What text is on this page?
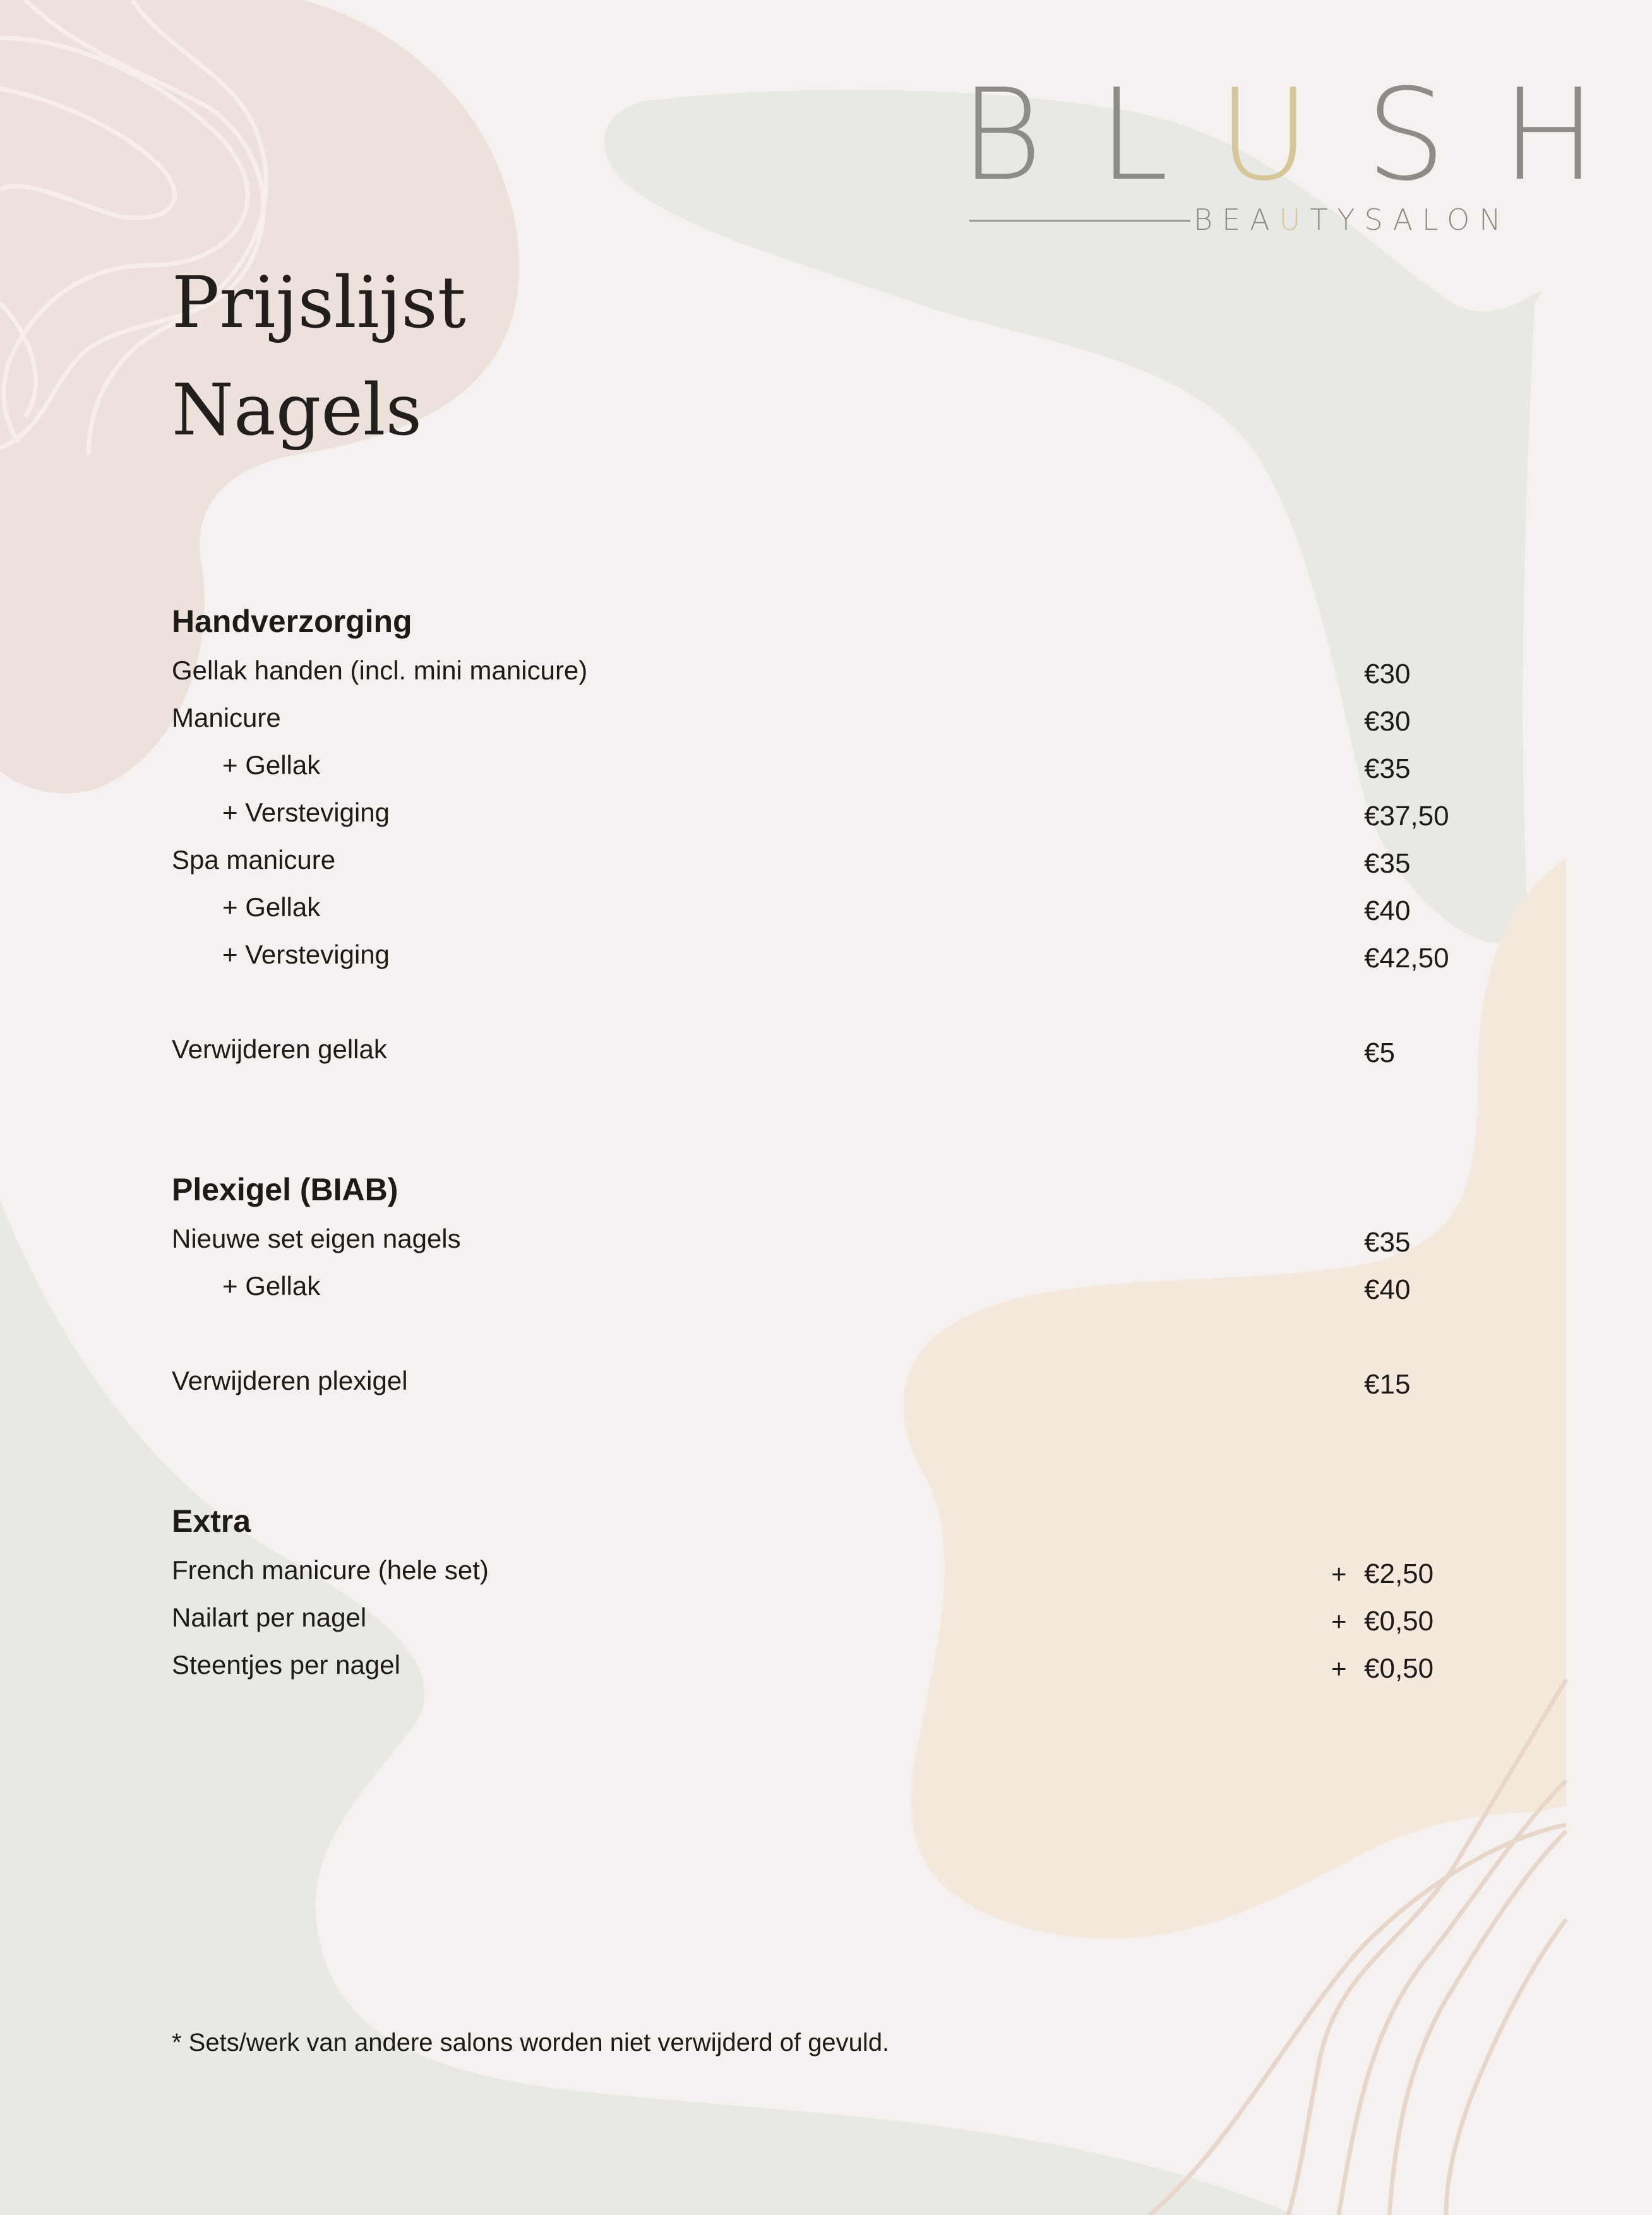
BLUSH

BEAUTYSALON

Prijslijst
Nagels
Handverzorging
Gellak handen (incl. mini manicure)	€30
Manicure	€30
+ Gellak	€35
+ Versteviging	€37,50
Spa manicure	€35
+ Gellak	€40
+ Versteviging	€42,50
Verwijderen gellak	€5
Plexigel (BIAB)
Nieuwe set eigen nagels	€35
+ Gellak	€40
Verwijderen plexigel	€15
Extra
French manicure (hele set)	+ €2,50
Nailart per nagel	+ €0,50
Steentjes per nagel	+ €0,50
* Sets/werk van andere salons worden niet verwijderd of gevuld.
